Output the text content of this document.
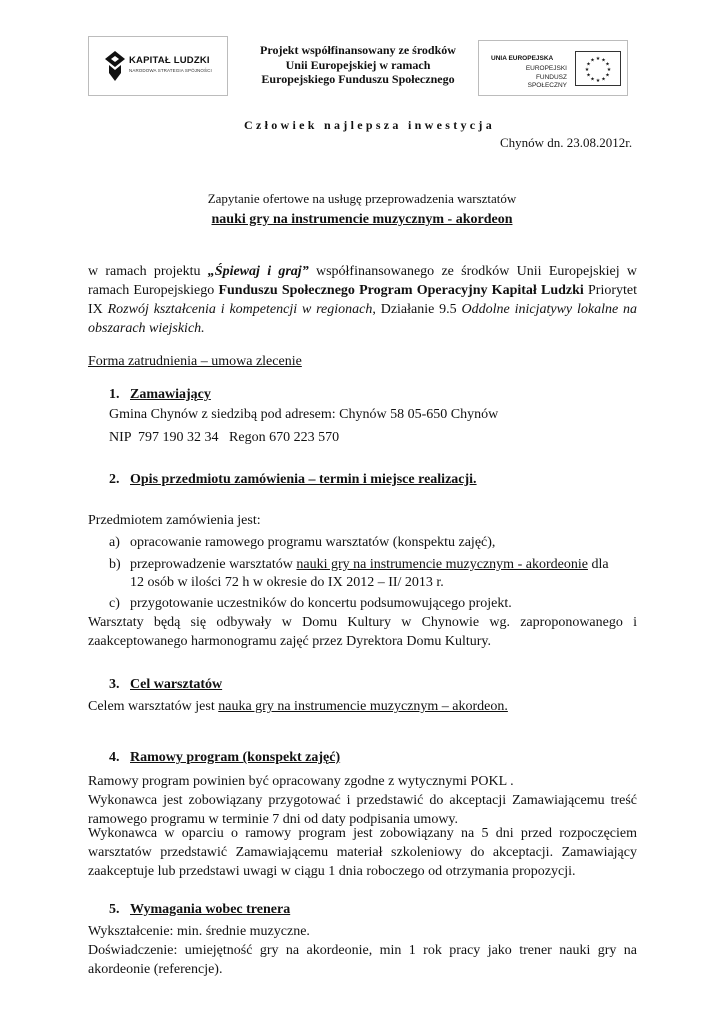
KAPITAŁ LUDZKI
NARODOWA STRATEGIA SPÓJNOŚCI
Projekt współfinansowany ze środków
Unii Europejskiej w ramach
Europejskiego Funduszu Społecznego
UNIA EUROPEJSKA
EUROPEJSKI
FUNDUSZ SPOŁECZNY
★ ★
★
★
★
★
★
★
★
★
★
★
Człowiek najlepsza inwestycja
Chynów dn. 23.08.2012r.
Zapytanie ofertowe na usługę przeprowadzenia warsztatów
nauki gry na instrumencie muzycznym - akordeon
w ramach projektu „Śpiewaj i graj” współfinansowanego ze środków Unii Europejskiej w ramach Europejskiego Funduszu Społecznego Program Operacyjny Kapitał Ludzki Priorytet IX Rozwój kształcenia i kompetencji w regionach, Działanie 9.5 Oddolne inicjatywy lokalne na obszarach wiejskich.
Forma zatrudnienia – umowa zlecenie
1. Zamawiający
Gmina Chynów z siedzibą pod adresem: Chynów 58 05-650 Chynów
NIP  797 190 32 34   Regon 670 223 570
2. Opis przedmiotu zamówienia – termin i miejsce realizacji.
Przedmiotem zamówienia jest:
a) opracowanie ramowego programu warsztatów (konspektu zajęć),
b) przeprowadzenie warsztatów nauki gry na instrumencie muzycznym - akordeonie dla
12 osób w ilości 72 h w okresie do IX 2012 – II/ 2013 r.
c) przygotowanie uczestników do koncertu podsumowującego projekt.
Warsztaty będą się odbywały w Domu Kultury w Chynowie wg. zaproponowanego i zaakceptowanego harmonogramu zajęć przez Dyrektora Domu Kultury.
3. Cel warsztatów
Celem warsztatów jest nauka gry na instrumencie muzycznym – akordeon.
4. Ramowy program (konspekt zajęć)
Ramowy program powinien być opracowany zgodne z wytycznymi POKL .
Wykonawca jest zobowiązany przygotować i przedstawić do akceptacji Zamawiającemu treść ramowego programu w terminie 7 dni od daty podpisania umowy.
Wykonawca w oparciu o ramowy program jest zobowiązany na 5 dni przed rozpoczęciem warsztatów przedstawić Zamawiającemu materiał szkoleniowy do akceptacji. Zamawiający zaakceptuje lub przedstawi uwagi w ciągu 1 dnia roboczego od otrzymania propozycji.
5. Wymagania wobec trenera
Wykształcenie: min. średnie muzyczne.
Doświadczenie: umiejętność gry na akordeonie, min 1 rok pracy jako trener nauki gry na akordeonie (referencje).
